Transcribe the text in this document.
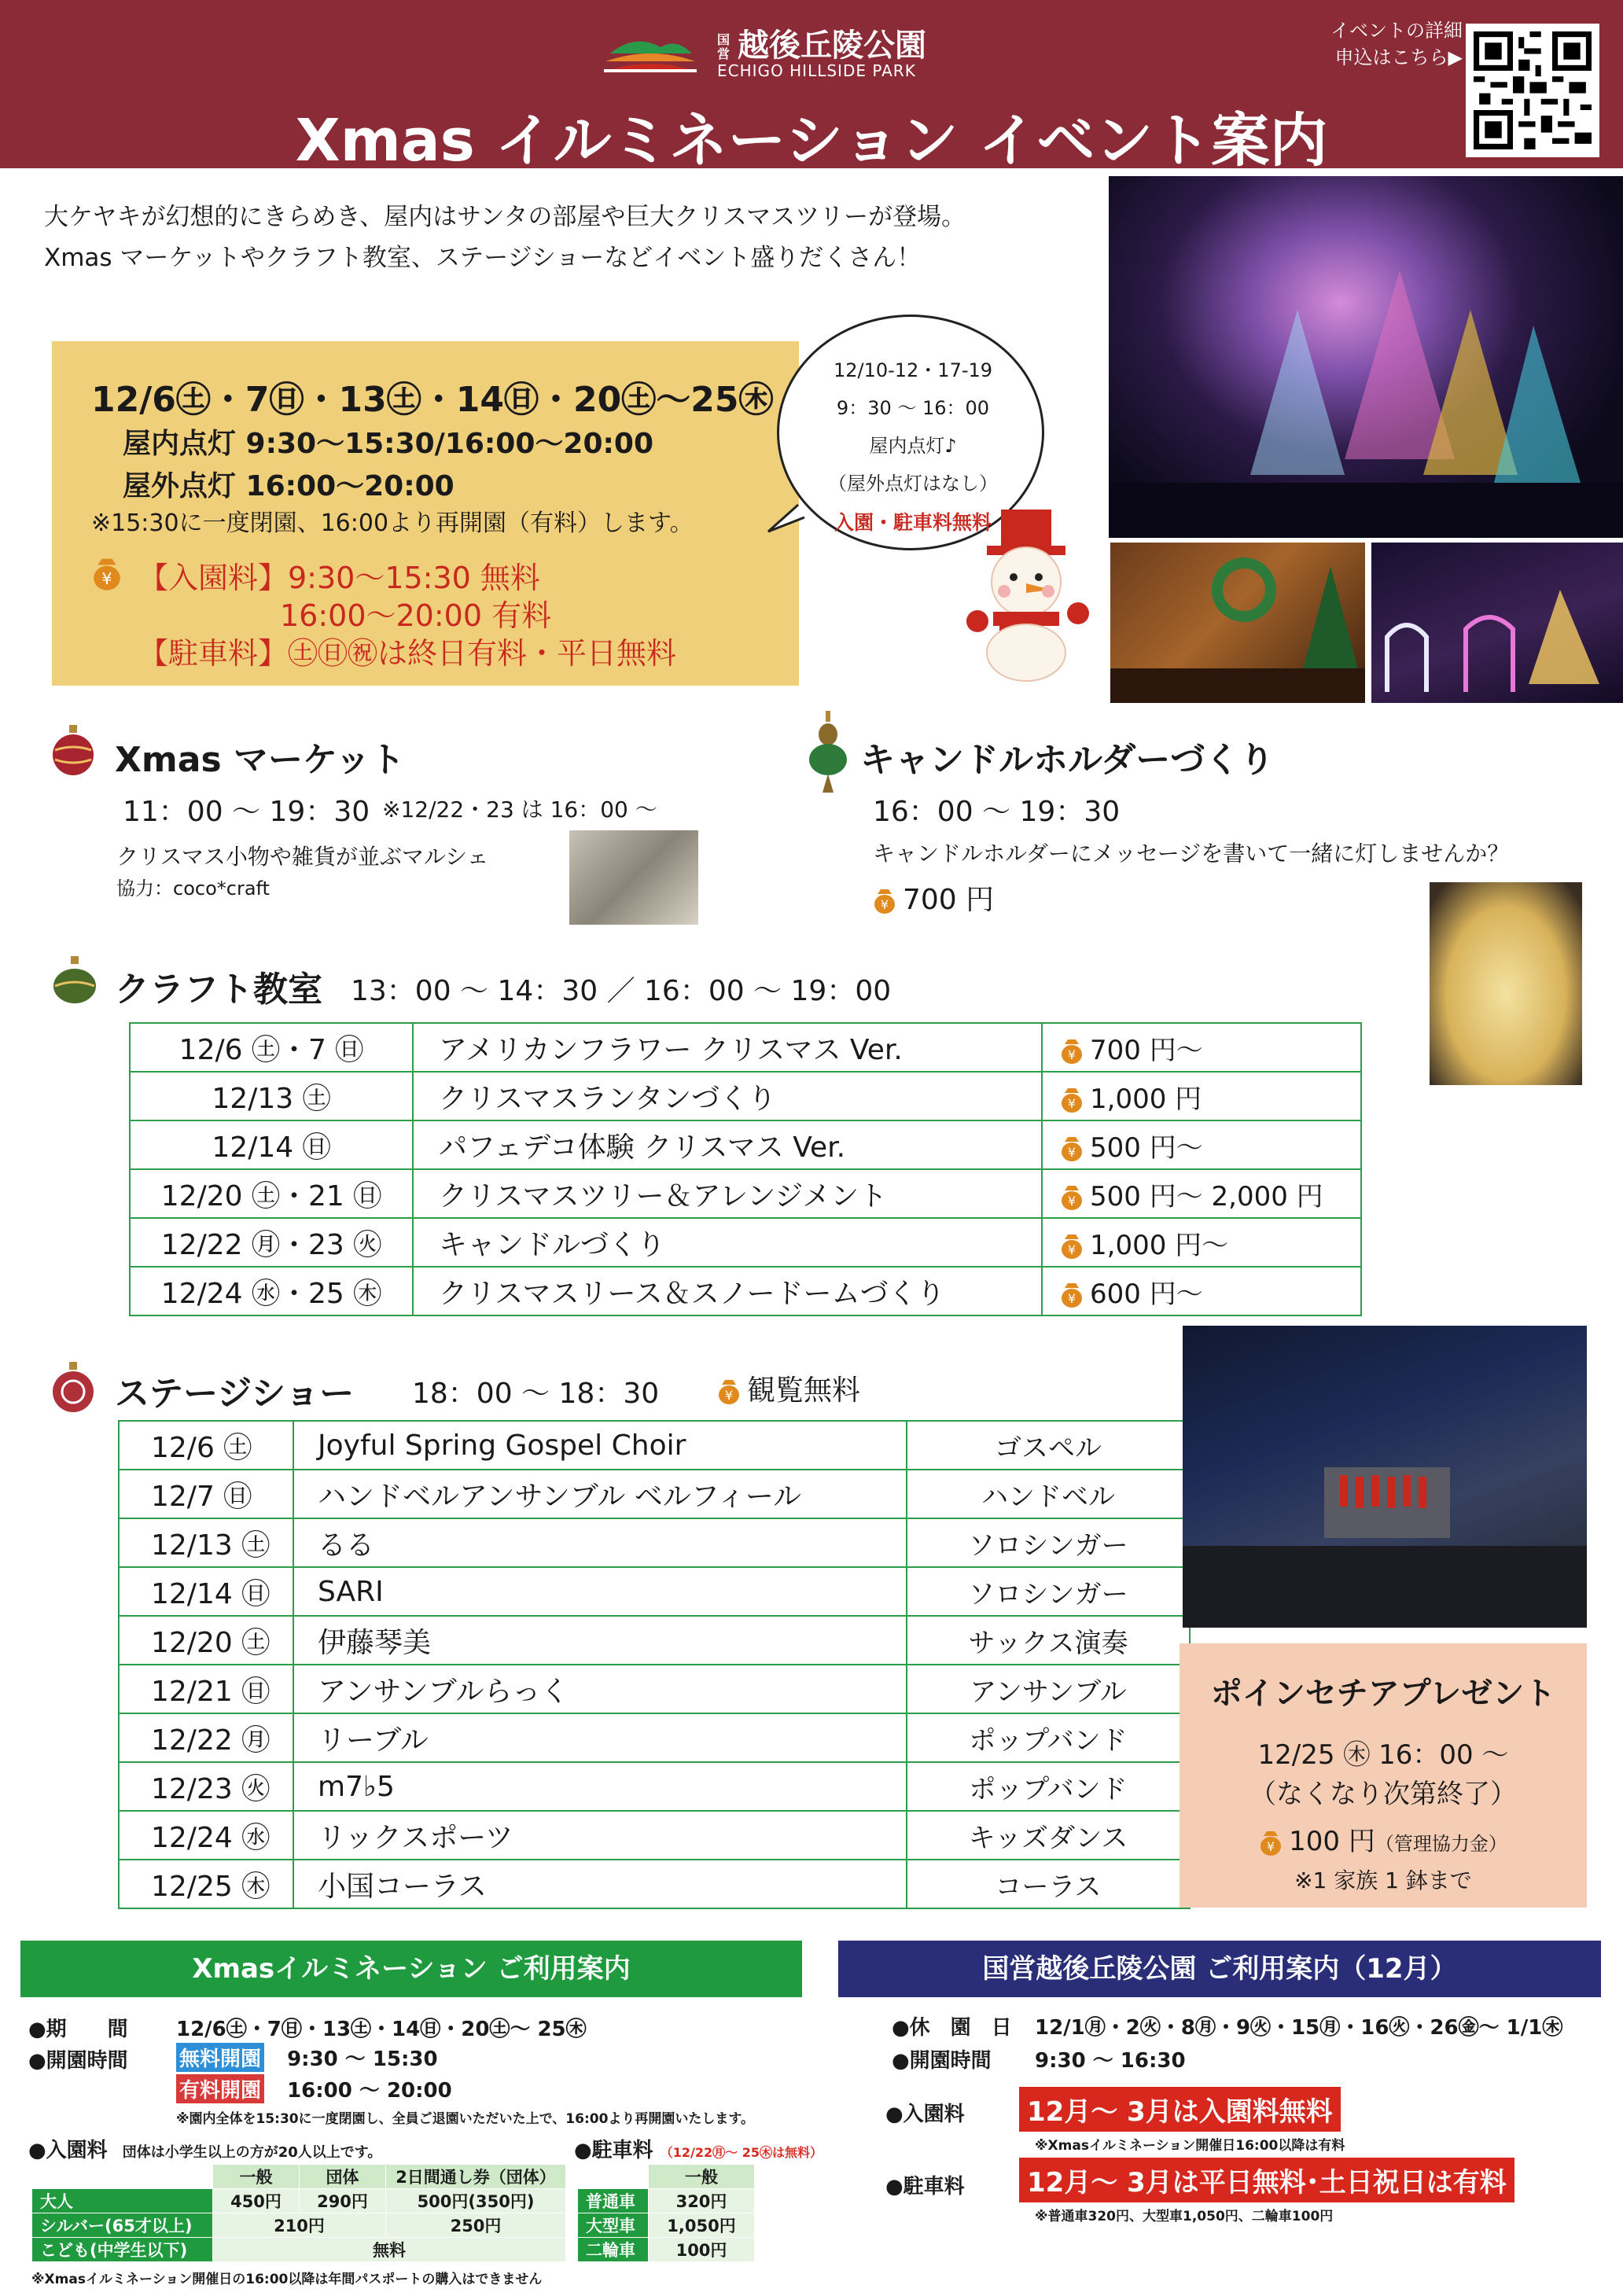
国営 越後丘陵公園
ECHIGO HILLSIDE PARK
Xmas イルミネーション イベント案内
イベントの詳細
申込はこちら▶
大ケヤキが幻想的にきらめき、屋内はサンタの部屋や巨大クリスマスツリーが登場。
Xmas マーケットやクラフト教室、ステージショーなどイベント盛りだくさん！
12/6㊏・7㊐・13㊏・14㊐・20㊏〜25㊍
屋内点灯 9:30〜15:30/16:00〜20:00
屋外点灯 16:00〜20:00
※15:30に一度閉園、16:00より再開園（有料）します。
¥ 【入園料】9:30〜15:30 無料
16:00〜20:00 有料
【駐車料】㊏㊐㊗は終日有料・平日無料
12/10-12・17-19
9：30 〜 16：00
屋内点灯♪
（屋外点灯はなし）
入園・駐車料無料
Xmas マーケット
11：00 〜 19：30 ※12/22・23 は 16：00 〜
クリスマス小物や雑貨が並ぶマルシェ
協力：coco*craft
キャンドルホルダーづくり
16：00 〜 19：30
キャンドルホルダーにメッセージを書いて一緒に灯しませんか？
¥ 700 円
クラフト教室 13：00 〜 14：30 ／ 16：00 〜 19：00
12/6 ㊏・7 ㊐	アメリカンフラワー クリスマス Ver.	¥ 700 円〜
12/13 ㊏	クリスマスランタンづくり	¥ 1,000 円
12/14 ㊐	パフェデコ体験 クリスマス Ver.	¥ 500 円〜
12/20 ㊏・21 ㊐	クリスマスツリー＆アレンジメント	¥ 500 円〜 2,000 円
12/22 ㊊・23 ㊋	キャンドルづくり	¥ 1,000 円〜
12/24 ㊌・25 ㊍	クリスマスリース＆スノードームづくり	¥ 600 円〜
ステージショー 18：00 〜 18：30	¥ 観覧無料
12/6 ㊏	Joyful Spring Gospel Choir	ゴスペル
12/7 ㊐	ハンドベルアンサンブル ベルフィール	ハンドベル
12/13 ㊏	るる	ソロシンガー
12/14 ㊐	SARI	ソロシンガー
12/20 ㊏	伊藤琴美	サックス演奏
12/21 ㊐	アンサンブルらっく	アンサンブル
12/22 ㊊	リーブル	ポップバンド
12/23 ㊋	m7♭5	ポップバンド
12/24 ㊌	リックスポーツ	キッズダンス
12/25 ㊍	小国コーラス	コーラス
ポインセチアプレゼント
12/25 ㊍ 16：00 〜
（なくなり次第終了）
¥ 100 円（管理協力金）
※1 家族 1 鉢まで
Xmasイルミネーション ご利用案内	国営越後丘陵公園 ご利用案内（12月）
●期　　間 12/6㊏・7㊐・13㊏・14㊐・20㊏〜 25㊍
●開園時間	無料開園 9:30 〜 15:30
有料開園 16:00 〜 20:00
※園内全体を15:30に一度閉園し、全員ご退園いただいた上で、16:00より再開園いたします。
●入園料 団体は小学生以上の方が20人以上です。
	一般	団体	2日間通し券（団体）
大人	450円	290円	500円(350円)
シルバー(65才以上)	210円		250円
こども(中学生以下)	無料		
●駐車料 （12/22㊊〜 25㊍は無料）
	一般
普通車	320円
大型車	1,050円
二輪車	100円
※Xmasイルミネーション開催日の16:00以降は年間パスポートの購入はできません
●休　園　日 12/1㊊・2㊋・8㊊・9㊋・15㊊・16㊋・26㊎〜 1/1㊍
●開園時間 9:30 〜 16:30
●入園料 12月〜 3月は入園料無料
※Xmasイルミネーション開催日16:00以降は有料
●駐車料 12月〜 3月は平日無料･土日祝日は有料
※普通車320円、大型車1,050円、二輪車100円
